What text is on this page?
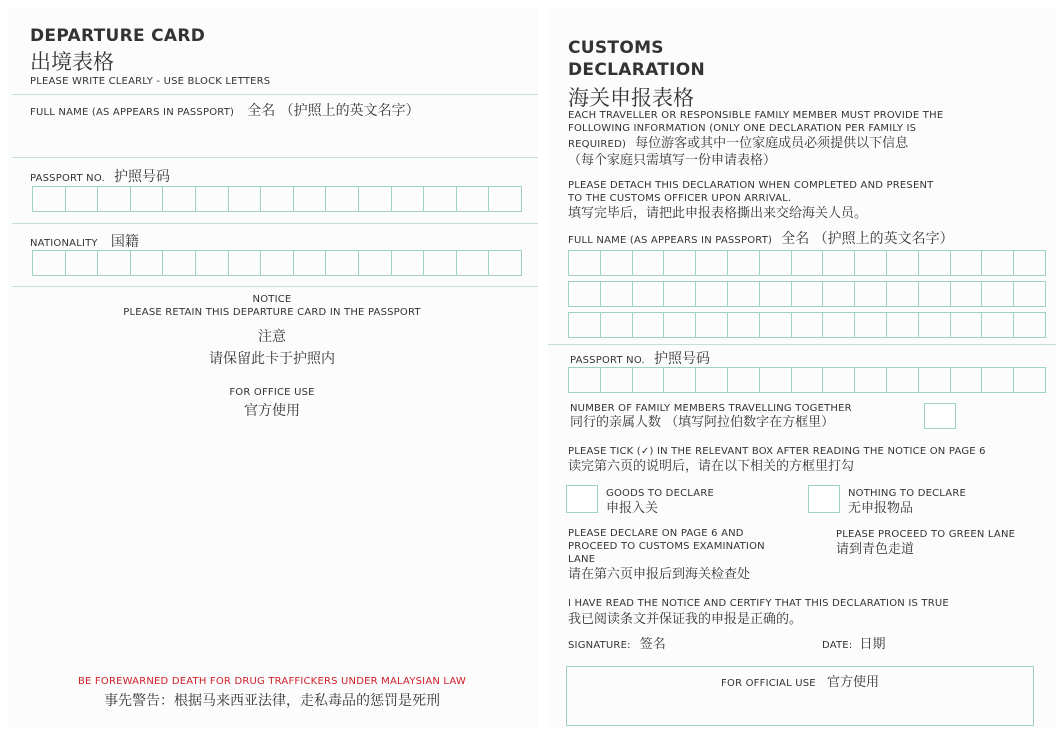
DEPARTURE CARD
出境表格
PLEASE WRITE CLEARLY - USE BLOCK LETTERS
FULL NAME (AS APPEARS IN PASSPORT) 全名 （护照上的英文名字）
PASSPORT NO. 护照号码
NATIONALITY 国籍
NOTICE
PLEASE RETAIN THIS DEPARTURE CARD IN THE PASSPORT
注意
请保留此卡于护照内
FOR OFFICE USE
官方使用
BE FOREWARNED DEATH FOR DRUG TRAFFICKERS UNDER MALAYSIAN LAW
事先警告：根据马来西亚法律，走私毒品的惩罚是死刑
CUSTOMS
DECLARATION
海关申报表格
EACH TRAVELLER OR RESPONSIBLE FAMILY MEMBER MUST PROVIDE THE
FOLLOWING INFORMATION (ONLY ONE DECLARATION PER FAMILY IS
REQUIRED) 每位游客或其中一位家庭成员必须提供以下信息
（每个家庭只需填写一份申请表格）
PLEASE DETACH THIS DECLARATION WHEN COMPLETED AND PRESENT
TO THE CUSTOMS OFFICER UPON ARRIVAL.
填写完毕后，请把此申报表格撕出来交给海关人员。
FULL NAME (AS APPEARS IN PASSPORT) 全名 （护照上的英文名字）
PASSPORT NO. 护照号码
NUMBER OF FAMILY MEMBERS TRAVELLING TOGETHER
同行的亲属人数 （填写阿拉伯数字在方框里）
PLEASE TICK (✓) IN THE RELEVANT BOX AFTER READING THE NOTICE ON PAGE 6
读完第六页的说明后，请在以下相关的方框里打勾
GOODS TO DECLARE
申报入关
NOTHING TO DECLARE
无申报物品
PLEASE DECLARE ON PAGE 6 AND
PROCEED TO CUSTOMS EXAMINATION
LANE
请在第六页申报后到海关检查处
PLEASE PROCEED TO GREEN LANE
请到青色走道
I HAVE READ THE NOTICE AND CERTIFY THAT THIS DECLARATION IS TRUE
我已阅读条文并保证我的申报是正确的。
SIGNATURE: 签名	DATE: 日期
FOR OFFICIAL USE 官方使用
